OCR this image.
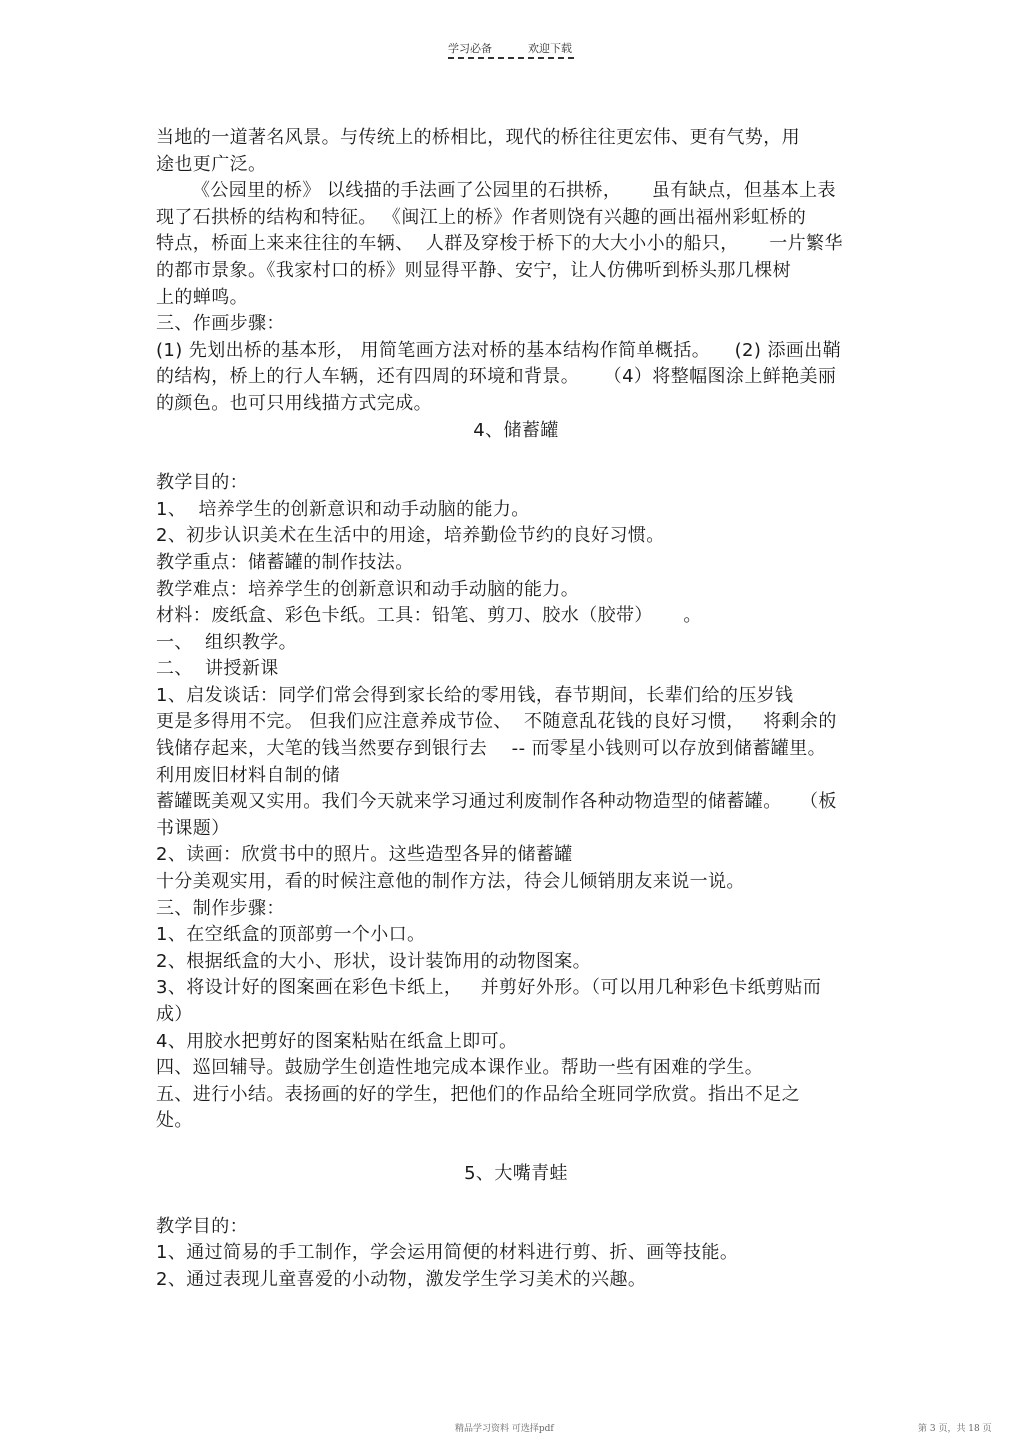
学习必备	欢迎下载
当地的一道著名风景。与传统上的桥相比，现代的桥往往更宏伟、更有气势，用
途也更广泛。
《公园里的桥》 以线描的手法画了公园里的石拱桥，     虽有缺点，但基本上表
现了石拱桥的结构和特征。 《闽江上的桥》作者则饶有兴趣的画出福州彩虹桥的
特点，桥面上来来往往的车辆、  人群及穿梭于桥下的大大小小的船只，     一片繁华
的都市景象。《我家村口的桥》则显得平静、安宁，让人仿佛听到桥头那几棵树
上的蝉鸣。
三、作画步骤：
(1) 先划出桥的基本形， 用简笔画方法对桥的基本结构作简单概括。    (2) 添画出鞘
的结构，桥上的行人车辆，还有四周的环境和背景。    （4）将整幅图涂上鲜艳美丽
的颜色。也可只用线描方式完成。
4、储蓄罐
教学目的：
1、  培养学生的创新意识和动手动脑的能力。
2、初步认识美术在生活中的用途，培养勤俭节约的良好习惯。
教学重点：储蓄罐的制作技法。
教学难点：培养学生的创新意识和动手动脑的能力。
材料：废纸盒、彩色卡纸。工具：铅笔、剪刀、胶水（胶带）     。
一、  组织教学。
二、  讲授新课
1、启发谈话：同学们常会得到家长给的零用钱，春节期间，长辈们给的压岁钱
更是多得用不完。 但我们应注意养成节俭、  不随意乱花钱的良好习惯，   将剩余的
钱储存起来，大笔的钱当然要存到银行去    -- 而零星小钱则可以存放到储蓄罐里。
利用废旧材料自制的储
蓄罐既美观又实用。我们今天就来学习通过利废制作各种动物造型的储蓄罐。   （板
书课题）
2、读画：欣赏书中的照片。这些造型各异的储蓄罐
十分美观实用，看的时候注意他的制作方法，待会儿倾销朋友来说一说。
三、制作步骤：
1、在空纸盒的顶部剪一个小口。
2、根据纸盒的大小、形状，设计装饰用的动物图案。
3、将设计好的图案画在彩色卡纸上，   并剪好外形。（可以用几种彩色卡纸剪贴而
成）
4、用胶水把剪好的图案粘贴在纸盒上即可。
四、巡回辅导。鼓励学生创造性地完成本课作业。帮助一些有困难的学生。
五、进行小结。表扬画的好的学生，把他们的作品给全班同学欣赏。指出不足之
处。
5、大嘴青蛙
教学目的：
1、通过简易的手工制作，学会运用简便的材料进行剪、折、画等技能。
2、通过表现儿童喜爱的小动物，激发学生学习美术的兴趣。
精品学习资料 可选择pdf	第 3 页，共 18 页
